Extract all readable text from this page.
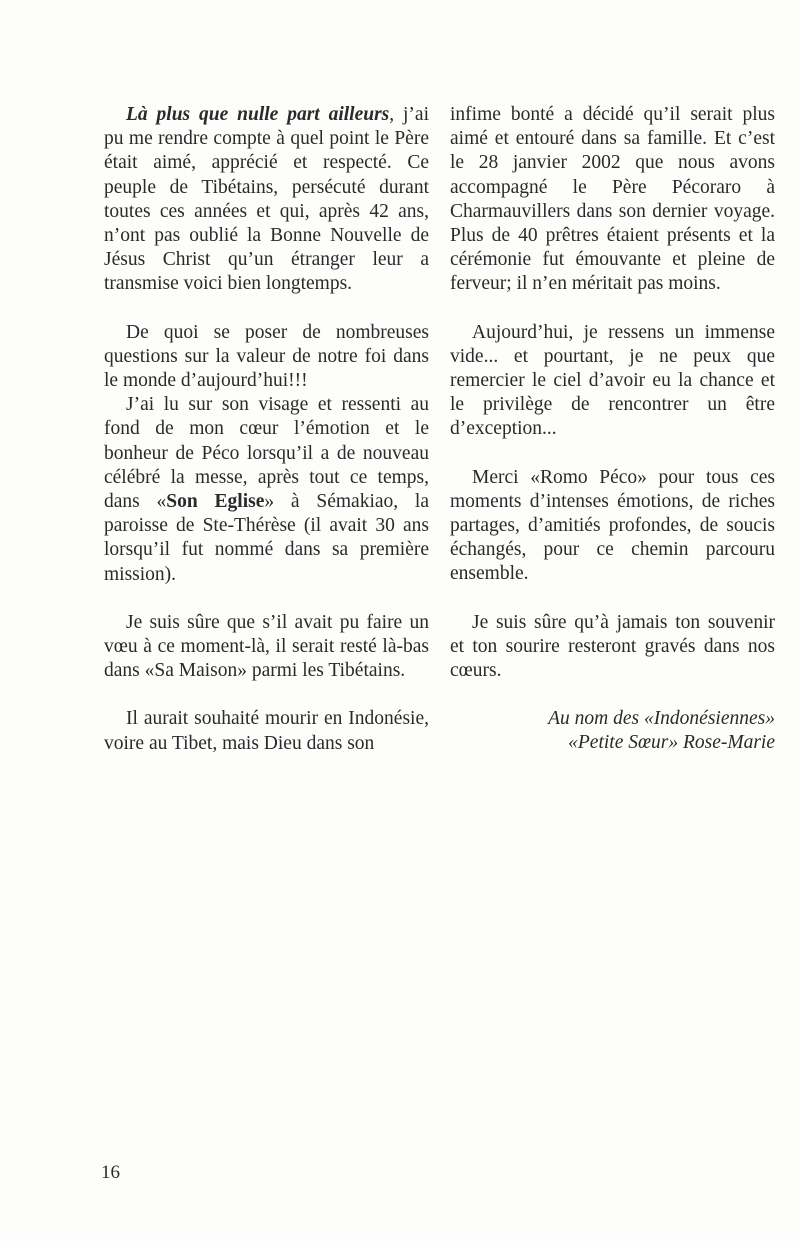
Là plus que nulle part ailleurs, j’ai pu me rendre compte à quel point le Père était aimé, apprécié et respecté. Ce peuple de Tibétains, persécuté durant toutes ces années et qui, après 42 ans, n’ont pas oublié la Bonne Nouvelle de Jésus Christ qu’un étranger leur a transmise voici bien longtemps.

De quoi se poser de nombreuses questions sur la valeur de notre foi dans le monde d’aujourd’hui!!!

J’ai lu sur son visage et ressenti au fond de mon cœur l’émotion et le bonheur de Péco lorsqu’il a de nouveau célébré la messe, après tout ce temps, dans «Son Eglise» à Sémakiao, la paroisse de Ste-Thérèse (il avait 30 ans lorsqu’il fut nommé dans sa première mission).

Je suis sûre que s’il avait pu faire un vœu à ce moment-là, il serait resté là-bas dans «Sa Maison» parmi les Tibétains.

Il aurait souhaité mourir en Indonésie, voire au Tibet, mais Dieu dans son

infime bonté a décidé qu’il serait plus aimé et entouré dans sa famille. Et c’est le 28 janvier 2002 que nous avons accompagné le Père Pécoraro à Charmauvillers dans son dernier voyage. Plus de 40 prêtres étaient présents et la cérémonie fut émouvante et pleine de ferveur; il n’en méritait pas moins.

Aujourd’hui, je ressens un immense vide... et pourtant, je ne peux que remercier le ciel d’avoir eu la chance et le privilège de rencontrer un être d’exception...

Merci «Romo Péco» pour tous ces moments d’intenses émotions, de riches partages, d’amitiés profondes, de soucis échangés, pour ce chemin parcouru ensemble.

Je suis sûre qu’à jamais ton souvenir et ton sourire resteront gravés dans nos cœurs.

Au nom des «Indonésiennes»

«Petite Sœur» Rose-Marie

16
